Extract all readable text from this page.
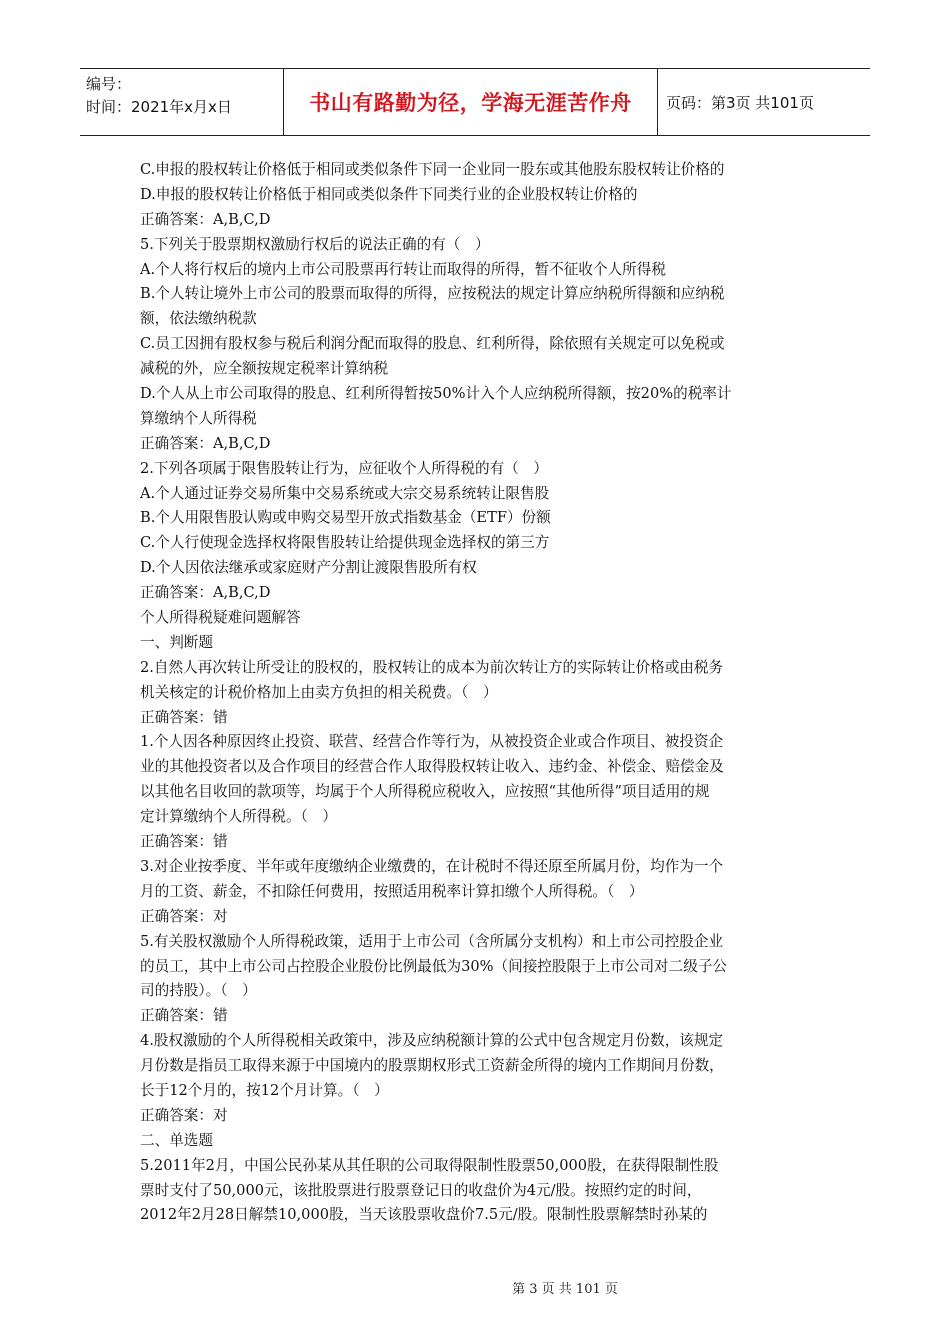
编号：
时间：2021年x月x日	书山有路勤为径，学海无涯苦作舟	页码：第3页 共101页
C.申报的股权转让价格低于相同或类似条件下同一企业同一股东或其他股东股权转让价格的
D.申报的股权转让价格低于相同或类似条件下同类行业的企业股权转让价格的
正确答案：A,B,C,D
5.下列关于股票期权激励行权后的说法正确的有（　）
A.个人将行权后的境内上市公司股票再行转让而取得的所得，暂不征收个人所得税
B.个人转让境外上市公司的股票而取得的所得，应按税法的规定计算应纳税所得额和应纳税
额，依法缴纳税款
C.员工因拥有股权参与税后利润分配而取得的股息、红利所得，除依照有关规定可以免税或
减税的外，应全额按规定税率计算纳税
D.个人从上市公司取得的股息、红利所得暂按50%计入个人应纳税所得额，按20%的税率计
算缴纳个人所得税
正确答案：A,B,C,D
2.下列各项属于限售股转让行为，应征收个人所得税的有（　）
A.个人通过证券交易所集中交易系统或大宗交易系统转让限售股
B.个人用限售股认购或申购交易型开放式指数基金（ETF）份额
C.个人行使现金选择权将限售股转让给提供现金选择权的第三方
D.个人因依法继承或家庭财产分割让渡限售股所有权
正确答案：A,B,C,D
个人所得税疑难问题解答
一、判断题
2.自然人再次转让所受让的股权的，股权转让的成本为前次转让方的实际转让价格或由税务
机关核定的计税价格加上由卖方负担的相关税费。（　）
正确答案：错
1.个人因各种原因终止投资、联营、经营合作等行为，从被投资企业或合作项目、被投资企
业的其他投资者以及合作项目的经营合作人取得股权转让收入、违约金、补偿金、赔偿金及
以其他名目收回的款项等，均属于个人所得税应税收入，应按照“其他所得”项目适用的规
定计算缴纳个人所得税。（　）
正确答案：错
3.对企业按季度、半年或年度缴纳企业缴费的，在计税时不得还原至所属月份，均作为一个
月的工资、薪金，不扣除任何费用，按照适用税率计算扣缴个人所得税。（　）
正确答案：对
5.有关股权激励个人所得税政策，适用于上市公司（含所属分支机构）和上市公司控股企业
的员工，其中上市公司占控股企业股份比例最低为30%（间接控股限于上市公司对二级子公
司的持股）。（　）
正确答案：错
4.股权激励的个人所得税相关政策中，涉及应纳税额计算的公式中包含规定月份数，该规定
月份数是指员工取得来源于中国境内的股票期权形式工资薪金所得的境内工作期间月份数，
长于12个月的，按12个月计算。（　）
正确答案：对
二、单选题
5.2011年2月，中国公民孙某从其任职的公司取得限制性股票50,000股，在获得限制性股
票时支付了50,000元，该批股票进行股票登记日的收盘价为4元/股。按照约定的时间，
2012年2月28日解禁10,000股，当天该股票收盘价7.5元/股。限制性股票解禁时孙某的
第 3 页 共 101 页
